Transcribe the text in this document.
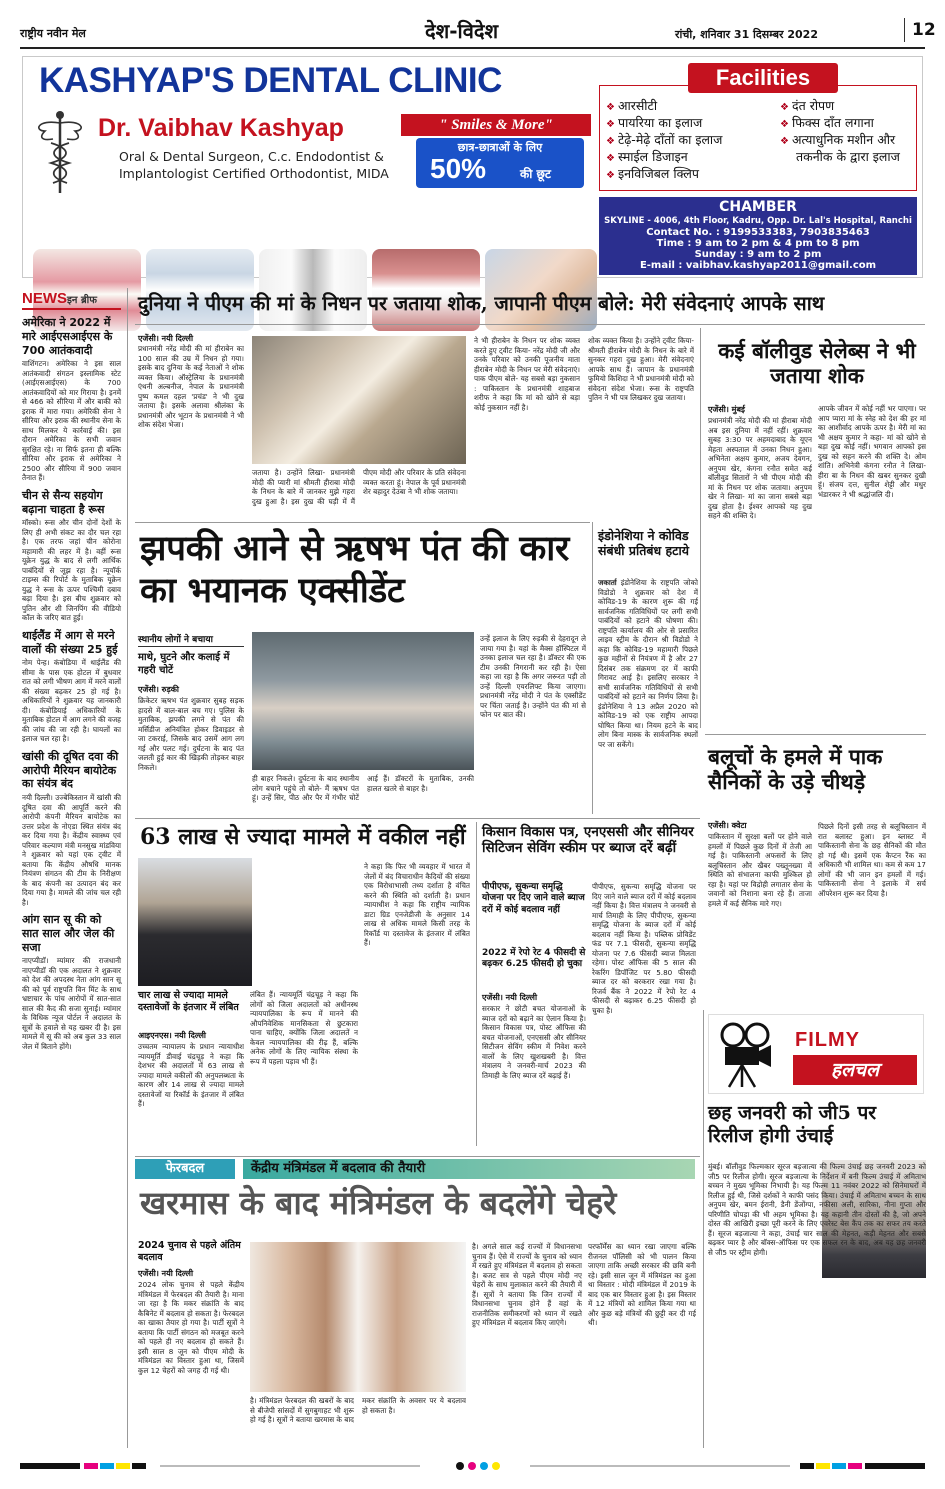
राष्ट्रीय नवीन मेल	देश-विदेश	रांची, शनिवार 31 दिसम्बर 2022	12
KASHYAP'S DENTAL CLINIC
Dr. Vaibhav Kashyap	" Smiles & More"
Oral & Dental Surgeon, C.c. Endodontist &
Implantologist Certified Orthodontist, MIDA
छात्र-छात्राओं के लिए
50%	की छूट
❖ आरसीटी
❖ पायरिया का इलाज
❖ टेढ़े-मेढ़े दाँतों का इलाज
❖ स्माईल डिजाइन
❖ इनविजिबल क्लिप
❖ दंत रोपण
❖ फिक्स दाँत लगाना
❖ अत्याधुनिक मशीन और
तकनीक के द्वारा इलाज
Facilities
CHAMBER
SKYLINE - 4006, 4th Floor, Kadru, Opp. Dr. Lal's Hospital, Ranchi
Contact No. : 9199533383, 7903835463
Time : 9 am to 2 pm & 4 pm to 8 pm
Sunday : 9 am to 2 pm
E-mail : vaibhav.kashyap2011@gmail.com
NEWSइन ब्रीफ
अमेरिका ने 2022 में मारे आईएसआईएस के 700 आतंकवादी
वाशिंगटन। अमेरिका ने इस साल आतंकवादी संगठन इस्लामिक स्टेट (आईएसआईएस) के 700 आतंकवादियों को मार गिराया है। इनमें से 466 को सीरिया में और बाकी को इराक में मारा गया। अमेरिकी सेना ने सीरिया और इराक की स्थानीय सेना के साथ मिलकर ये कार्रवाई की। इस दौरान अमेरिका के सभी जवान सुरक्षित रहे। ना सिर्फ इतना ही बल्कि सीरिया और इराक से अमेरिका ने 2500 और सीरिया में 900 जवान तैनात हैं।
चीन से सैन्य सहयोग बढ़ाना चाहता है रूस
मॉस्को। रूस और चीन दोनों देशों के लिए ही अभी संकट का दौर चल रहा है। एक तरफ जहां चीन कोरोना महामारी की लहर में है। वहीं रूस यूक्रेन युद्ध के बाद से लगी आर्थिक पाबंदियों से जूझ रहा है। न्यूयॉर्क टाइम्स की रिपोर्ट के मुताबिक यूक्रेन युद्ध ने रूस के ऊपर पश्चिमी दबाव बढ़ा दिया है। इस बीच शुक्रवार को पुतिन और शी जिनपिंग की वीडियो कॉल के जरिए बात हुई।
थाईलैंड में आग से मरने वालों की संख्या 25 हुई
नोम पेन्ह। कंबोडिया में थाईलैंड की सीमा के पास एक होटल में बुधवार रात को लगी भीषण आग में मरने वालों की संख्या बढ़कर 25 हो गई है। अधिकारियों ने शुक्रवार यह जानकारी दी। कंबोडियाई अधिकारियों के मुताबिक होटल में आग लगने की वजह की जांच की जा रही है। घायलों का इलाज चल रहा है।
खांसी की दूषित दवा की आरोपी मैरियन बायोटेक का संयंत्र बंद
नयी दिल्ली। उज्बेकिस्तान में खांसी की दूषित दवा की आपूर्ति करने की आरोपी कंपनी मैरियन बायोटेक का उत्तर प्रदेश के नोएडा स्थित संयंत्र बंद कर दिया गया है। केंद्रीय स्वास्थ्य एवं परिवार कल्याण मंत्री मनसुख मांडविया ने शुक्रवार को यहां एक ट्वीट में बताया कि केंद्रीय औषधि मानक नियंत्रण संगठन की टीम के निरीक्षण के बाद कंपनी का उत्पादन बंद कर दिया गया है। मामले की जांच चल रही है।
आंग सान सू की को सात साल और जेल की सजा
नाएप्यीडॉ। म्यांमार की राजधानी नाएप्यीडॉ की एक अदालत ने शुक्रवार को देश की अपदस्थ नेता आंग सान सू की को पूर्व राष्ट्रपति विन मिंट के साथ भ्रष्टाचार के पांच आरोपों में सात-सात साल की कैद की सजा सुनाई। म्यांमार के विधिक न्यूज पोर्टल ने अदालत के सूत्रों के हवाले से यह खबर दी है। इस मामले में सू की को अब कुल 33 साल जेल में बिताने होंगे।
दुनिया ने पीएम की मां के निधन पर जताया शोक, जापानी पीएम बोले: मेरी संवेदनाएं आपके साथ
एजेंसी। नयी दिल्ली
प्रधानमंत्री नरेंद्र मोदी की मां हीराबेन का 100 साल की उम्र में निधन हो गया। इसके बाद दुनिया के कई नेताओं ने शोक व्यक्त किया। ऑस्ट्रेलिया के प्रधानमंत्री एंथनी अल्बनीज, नेपाल के प्रधानमंत्री पुष्प कमल दहल 'प्रचंड' ने भी दुख जताया है। इसके अलावा श्रीलंका के प्रधानमंत्री और भूटान के प्रधानमंत्री ने भी शोक संदेश भेजा।
जताया है। उन्होंने लिखा- प्रधानमंत्री मोदी की प्यारी मां श्रीमती हीराबा मोदी के निधन के बारे में जानकर मुझे गहरा दुख हुआ है। इस दुख की घड़ी में मैं पीएम मोदी और परिवार के प्रति संवेदना व्यक्त करता हूं। नेपाल के पूर्व प्रधानमंत्री शेर बहादुर देउबा ने भी शोक जताया।
ने भी हीराबेन के निधन पर शोक व्यक्त करते हुए ट्वीट किया- नरेंद्र मोदी जी और उनके परिवार को उनकी पूजनीय माता हीराबेन मोदी के निधन पर मेरी संवेदनाएं। पाक पीएम बोले- यह सबसे बड़ा नुकसान : पाकिस्तान के प्रधानमंत्री शाहबाज शरीफ ने कहा कि मां को खोने से बड़ा कोई नुकसान नहीं है।
शोक व्यक्त किया है। उन्होंने ट्वीट किया- श्रीमती हीराबेन मोदी के निधन के बारे में सुनकर गहरा दुख हुआ। मेरी संवेदनाएं आपके साथ हैं। जापान के प्रधानमंत्री फुमियो किशिदा ने भी प्रधानमंत्री मोदी को संवेदना संदेश भेजा। रूस के राष्ट्रपति पुतिन ने भी पत्र लिखकर दुख जताया।
कई बॉलीवुड सेलेब्स ने भी जताया शोक
एजेंसी। मुंबई
प्रधानमंत्री नरेंद्र मोदी की मां हीराबा मोदी अब इस दुनिया में नहीं रहीं। शुक्रवार सुबह 3:30 पर अहमदाबाद के यूएन मेहता अस्पताल में उनका निधन हुआ। अभिनेता अक्षय कुमार, अजय देवगन, अनुपम खेर, कंगना रनौत समेत कई बॉलीवुड सितारों ने भी पीएम मोदी की मां के निधन पर शोक जताया। अनुपम खेर ने लिखा- मां का जाना सबसे बड़ा दुख होता है। ईश्वर आपको यह दुख सहने की शक्ति दे।
आपके जीवन में कोई नहीं भर पाएगा। पर आप प्यारा मां के स्नेह को देश की हर मां का आशीर्वाद आपके ऊपर है। मेरी मां का भी अक्षय कुमार ने कहा- मां को खोने से बड़ा दुख कोई नहीं। भगवान आपको इस दुख को सहन करने की शक्ति दे। ओम शांति। अभिनेत्री कंगना रनौत ने लिखा- हीरा बा के निधन की खबर सुनकर दुखी हूं। संजय दत्त, सुनील शेट्टी और मधुर भंडारकर ने भी श्रद्धांजलि दी।
झपकी आने से ऋषभ पंत की कार का भयानक एक्सीडेंट
स्थानीय लोगों ने बचाया
माथे, घुटने और कलाई में गहरी चोटें
एजेंसी। रुड़की
क्रिकेटर ऋषभ पंत शुक्रवार सुबह सड़क हादसे में बाल-बाल बच गए। पुलिस के मुताबिक, झपकी लगने से पंत की मर्सिडीज अनियंत्रित होकर डिवाइडर से जा टकराई, जिसके बाद उसमें आग लग गई और पलट गई। दुर्घटना के बाद पंत जलती हुई कार की खिड़की तोड़कर बाहर निकले।
ही बाहर निकले। दुर्घटना के बाद स्थानीय लोग बचाने पहुंचे तो बोले- मैं ऋषभ पंत हूं। उन्हें सिर, पीठ और पैर में गंभीर चोटें आई हैं। डॉक्टरों के मुताबिक, उनकी हालत खतरे से बाहर है।
उन्हें इलाज के लिए रुड़की से देहरादून ले जाया गया है। यहां के मैक्स हॉस्पिटल में उनका इलाज चल रहा है। डॉक्टर की एक टीम उनकी निगरानी कर रही है। ऐसा कहा जा रहा है कि अगर जरूरत पड़ी तो उन्हें दिल्ली एयरलिफ्ट किया जाएगा। प्रधानमंत्री नरेंद्र मोदी ने पंत के एक्सीडेंट पर चिंता जताई है। उन्होंने पंत की मां से फोन पर बात की।
इंडोनेशिया ने कोविड संबंधी प्रतिबंध हटाये
जकार्ता इंडोनेशिया के राष्ट्रपति जोको विडोडो ने शुक्रवार को देश में कोविड-19 के कारण शुरू की गई सार्वजनिक गतिविधियों पर लगी सभी पाबंदियों को हटाने की घोषणा की। राष्ट्रपति कार्यालय की ओर से प्रसारित लाइव स्ट्रीम के दौरान श्री विडोडो ने कहा कि कोविड-19 महामारी पिछले कुछ महीनों से नियंत्रण में है और 27 दिसंबर तक संक्रमण दर में काफी गिरावट आई है। इसलिए सरकार ने सभी सार्वजनिक गतिविधियों से सभी पाबंदियों को हटाने का निर्णय लिया है। इंडोनेशिया ने 13 अप्रैल 2020 को कोविड-19 को एक राष्ट्रीय आपदा घोषित किया था। नियम हटने के बाद लोग बिना मास्क के सार्वजनिक स्थलों पर जा सकेंगे।	बलूचों के हमले में पाक सैनिकों के उड़े चीथड़े
एजेंसी। क्वेटा
पाकिस्तान में सुरक्षा बलों पर होने वाले हमलों में पिछले कुछ दिनों में तेजी आ गई है। पाकिस्तानी अफसरों के लिए बलूचिस्तान और खैबर पख्तूनख्वा में स्थिति को संभालना काफी मुश्किल हो रहा है। यहां पर विद्रोही लगातार सेना के जवानों को निशाना बना रहे हैं। ताजा हमले में कई सैनिक मारे गए।
पिछले दिनों इसी तरह से बलूचिस्तान में रात बलास्ट हुआ। इन ब्लास्ट में पाकिस्तानी सेना के छह सैनिकों की मौत हो गई थी। इसमें एक कैप्टन रैंक का अधिकारी भी शामिल था। कम से कम 17 लोगों की भी जान इन हमलों में गई। पाकिस्तानी सेना ने इलाके में सर्च ऑपरेशन शुरू कर दिया है।
63 लाख से ज्यादा मामले में वकील नहीं
चार लाख से ज्यादा मामले दस्तावेजों के इंतजार में लंबित
आइएनएस। नयी दिल्ली
उच्चतम न्यायालय के प्रधान न्यायाधीश न्यायमूर्ति डीवाई चंद्रचूड़ ने कहा कि देशभर की अदालतों में 63 लाख से ज्यादा मामले वकीलों की अनुपलब्धता के कारण और 14 लाख से ज्यादा मामले दस्तावेजों या रिकॉर्ड के इंतजार में लंबित हैं।
लंबित हैं। न्यायमूर्ति चंद्रचूड़ ने कहा कि लोगों को जिला अदालतों को अधीनस्थ न्यायपालिका के रूप में मानने की औपनिवेशिक मानसिकता से छुटकारा पाना चाहिए, क्योंकि जिला अदालतें न केवल न्यायपालिका की रीढ़ हैं, बल्कि अनेक लोगों के लिए न्यायिक संस्था के रूप में पहला पड़ाव भी हैं।
ने कहा कि फिर भी व्यवहार में भारत में जेलों में बंद विचाराधीन कैदियों की संख्या एक विरोधाभासी तथ्य दर्शाता है वंचित करने की स्थिति को दर्शाती है। प्रधान न्यायाधीश ने कहा कि राष्ट्रीय न्यायिक डाटा ग्रिड एनजेडीजी के अनुसार 14 लाख से अधिक मामले किसी तरह के रिकॉर्ड या दस्तावेज के इंतजार में लंबित हैं।
किसान विकास पत्र, एनएससी और सीनियर सिटिजन सेविंग स्कीम पर ब्याज दरें बढ़ीं
पीपीएफ, सुकन्या समृद्धि योजना पर दिए जाने वाले ब्याज दरों में कोई बदलाव नहीं
2022 में रेपो रेट 4 फीसदी से बढ़कर 6.25 फीसदी हो चुका
एजेंसी। नयी दिल्ली
सरकार ने छोटी बचत योजनाओं के ब्याज दरों को बढ़ाने का ऐलान किया है। किसान विकास पत्र, पोस्ट ऑफिस की बचत योजनाओं, एनएससी और सीनियर सिटीजन सेविंग स्कीम में निवेश करने वालों के लिए खुशखबरी है। वित्त मंत्रालय ने जनवरी-मार्च 2023 की तिमाही के लिए ब्याज दरें बढ़ाई हैं।
पीपीएफ, सुकन्या समृद्धि योजना पर दिए जाने वाले ब्याज दरों में कोई बदलाव नहीं किया है। वित्त मंत्रालय ने जनवरी से मार्च तिमाही के लिए पीपीएफ, सुकन्या समृद्धि योजना के ब्याज दरों में कोई बदलाव नहीं किया है। पब्लिक प्रोविडेंट फंड पर 7.1 फीसदी, सुकन्या समृद्धि योजना पर 7.6 फीसदी ब्याज मिलता रहेगा। पोस्ट ऑफिस की 5 साल की रेकरिंग डिपॉजिट पर 5.80 फीसदी ब्याज दर को बरकरार रखा गया है। रिजर्व बैंक ने 2022 में रेपो रेट 4 फीसदी से बढ़ाकर 6.25 फीसदी हो चुका है।
FILMY
हलचल
छह जनवरी को जी5 पर रिलीज होगी उंचाई
मुंबई। बॉलीवुड फिल्मकार सूरज बड़जात्या की फिल्म उंचाई छह जनवरी 2023 को जी5 पर रिलीज होगी। सूरज बड़जात्या के निर्देशन में बनी फिल्म उंचाई में अमिताभ बच्चन ने मुख्य भूमिका निभायी है। यह फिल्म 11 नवंबर 2022 को सिनेमाघरों में रिलीज हुई थी, जिसे दर्शकों ने काफी पसंद किया। उंचाई में अमिताभ बच्चन के साथ अनुपम खेर, बमन ईरानी, डैनी डेंजोंग्पा, नफीसा अली, सारिका, नीना गुप्ता और परिणीति चोपड़ा की भी अहम भूमिका है। यह कहानी तीन दोस्तों की है, जो अपने दोस्त की आखिरी इच्छा पूरी करने के लिए एवरेस्ट बेस कैंप तक का सफर तय करते हैं। सूरज बड़जात्या ने कहा, उंचाई चार साल की मेहनत, कड़ी मेहनत और सबसे बढ़कर प्यार है और बॉक्स-ऑफिस पर एक सफल रन के बाद, अब यह छह जनवरी से जी5 पर स्ट्रीम होगी।
फेरबदल	केंद्रीय मंत्रिमंडल में बदलाव की तैयारी
खरमास के बाद मंत्रिमंडल के बदलेंगे चेहरे
2024 चुनाव से पहले अंतिम बदलाव
एजेंसी। नयी दिल्ली
2024 लोक चुनाव से पहले केंद्रीय मंत्रिमंडल में फेरबदल की तैयारी है। माना जा रहा है कि मकर संक्रांति के बाद कैबिनेट में बदलाव हो सकता है। फेरबदल का खाका तैयार हो गया है। पार्टी सूत्रों ने बताया कि पार्टी संगठन को मजबूत करने को पहले ही नए बदलाव हो सकते हैं। इसी साल 8 जून को पीएम मोदी के मंत्रिमंडल का विस्तार हुआ था, जिसमें कुल 12 चेहरों को जगह दी गई थी।
है। मंत्रिमंडल फेरबदल की खबरों के बाद से बीजेपी सांसदों में सुगबुगाहट भी शुरू हो गई है। सूत्रों ने बताया खरमास के बाद मकर संक्रांति के अवसर पर ये बदलाव हो सकता है।
है। अगले साल कई राज्यों में विधानसभा चुनाव हैं। ऐसे में राज्यों के चुनाव को ध्यान में रखते हुए मंत्रिमंडल में बदलाव हो सकता है। बजट सत्र से पहले पीएम मोदी नए चेहरों के साथ मुलाकात करने की तैयारी में हैं। सूत्रों ने बताया कि जिन राज्यों में विधानसभा चुनाव होने हैं वहां के राजनीतिक समीकरणों को ध्यान में रखते हुए मंत्रिमंडल में बदलाव किए जाएंगे।
परफॉर्मेंस का ध्यान रखा जाएगा बल्कि रीजनल पॉलिसी को भी पालन किया जाएगा ताकि अच्छी सरकार की छवि बनी रहे। इसी साल जून में मंत्रिमंडल का हुआ था विस्तार : मोदी मंत्रिमंडल में 2019 के बाद एक बार विस्तार हुआ है। इस विस्तार में 12 मंत्रियों को शामिल किया गया था और कुछ बड़े मंत्रियों की छुट्टी कर दी गई थी।
